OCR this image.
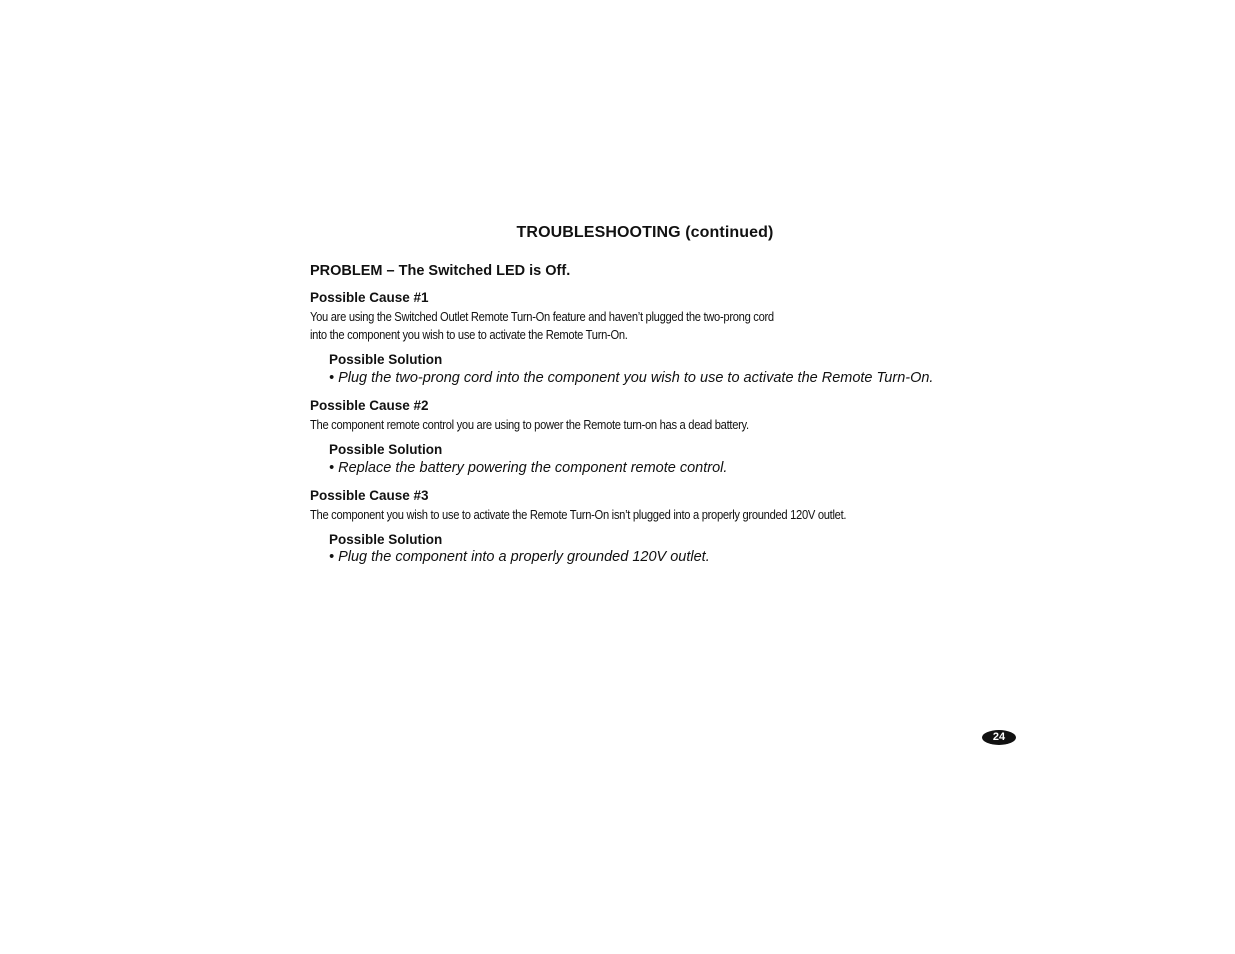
TROUBLESHOOTING (continued)
PROBLEM – The Switched LED is Off.
Possible Cause #1
You are using the Switched Outlet Remote Turn-On feature and haven’t plugged the two-prong cord
into the component you wish to use to activate the Remote Turn-On.
Possible Solution
• Plug the two-prong cord into the component you wish to use to activate the Remote Turn-On.
Possible Cause #2
The component remote control you are using to power the Remote turn-on has a dead battery.
Possible Solution
• Replace the battery powering the component remote control.
Possible Cause #3
The component you wish to use to activate the Remote Turn-On isn’t plugged into a properly grounded 120V outlet.
Possible Solution
• Plug the component into a properly grounded 120V outlet.
24
